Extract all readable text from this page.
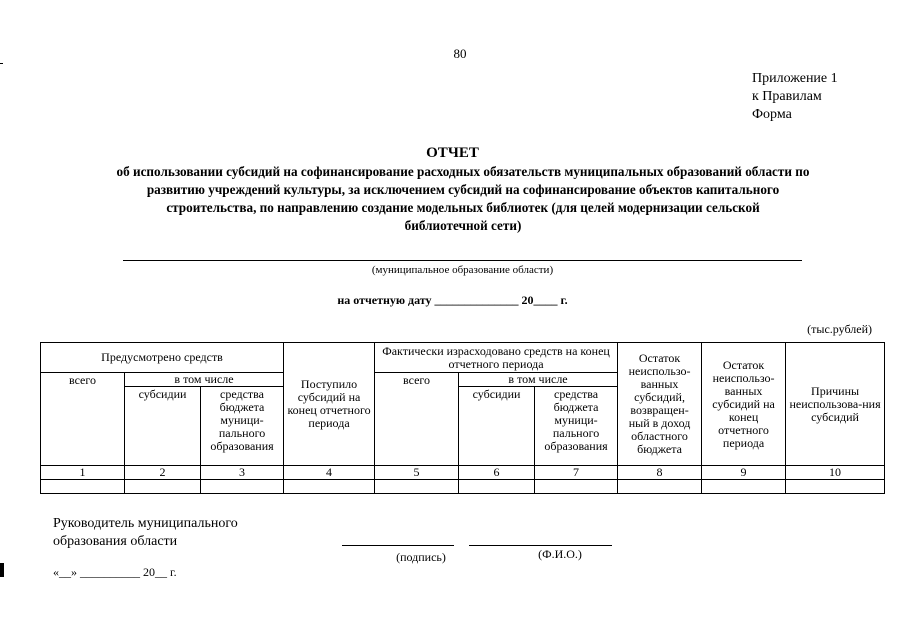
80
Приложение 1
к Правилам
Форма
ОТЧЕТ
об использовании субсидий на софинансирование расходных обязательств муниципальных образований области по
развитию учреждений культуры, за исключением субсидий на софинансирование объектов капитального
строительства, по направлению создание модельных библиотек (для целей модернизации сельской
библиотечной сети)
(муниципальное образование области)
на отчетную дату ______________ 20____ г.
(тыс.рублей)
Предусмотрено средств			Поступило субсидий на конец отчетного периода	Фактически израсходовано средств на конец отчетного периода			Остаток неиспользо-ванных субсидий, возвращен-ный в доход областного бюджета	Остаток неиспользо-ванных субсидий на конец отчетного периода	Причины неиспользова-ния субсидий
всего	в том числе			всего	в том числе				
	субсидии	средства бюджета муници-пального образования			субсидии	средства бюджета муници-пального образования			
1	2	3	4	5	6	7	8	9	10

Руководитель муниципального
образования области
(подпись)	(Ф.И.О.)
«__» __________ 20__ г.
